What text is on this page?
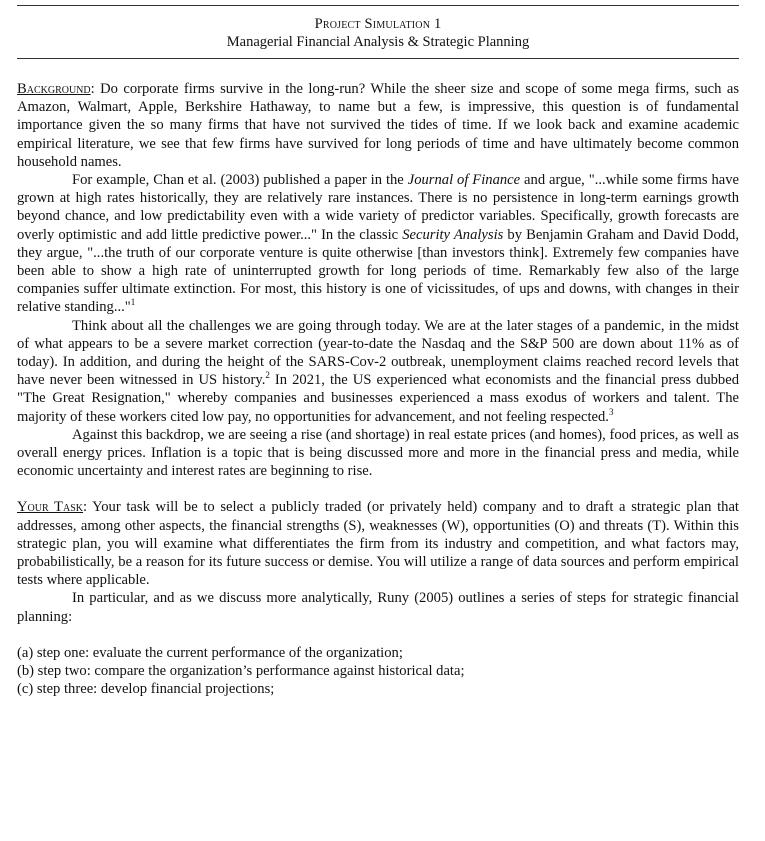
Project Simulation 1
Managerial Financial Analysis & Strategic Planning

Background: Do corporate firms survive in the long-run? While the sheer size and scope of some mega firms, such as Amazon, Walmart, Apple, Berkshire Hathaway, to name but a few, is impressive, this question is of fundamental importance given the so many firms that have not survived the tides of time. If we look back and examine academic empirical literature, we see that few firms have survived for long periods of time and have ultimately become common household names.

For example, Chan et al. (2003) published a paper in the Journal of Finance and argue, "...while some firms have grown at high rates historically, they are relatively rare instances. There is no persistence in long-term earnings growth beyond chance, and low predictability even with a wide variety of predictor variables. Specifically, growth forecasts are overly optimistic and add little predictive power..." In the classic Security Analysis by Benjamin Graham and David Dodd, they argue, "...the truth of our corporate venture is quite otherwise [than investors think]. Extremely few companies have been able to show a high rate of uninterrupted growth for long periods of time. Remarkably few also of the large companies suffer ultimate extinction. For most, this history is one of vicissitudes, of ups and downs, with changes in their relative standing..."$^1$

Think about all the challenges we are going through today. We are at the later stages of a pandemic, in the midst of what appears to be a severe market correction (year-to-date the Nasdaq and the S&P 500 are down about 11% as of today). In addition, and during the height of the SARS-Cov-2 outbreak, unemployment claims reached record levels that have never been witnessed in US history.$^2$ In 2021, the US experienced what economists and the financial press dubbed "The Great Resignation," whereby companies and businesses experienced a mass exodus of workers and talent. The majority of these workers cited low pay, no opportunities for advancement, and not feeling respected.$^3$

Against this backdrop, we are seeing a rise (and shortage) in real estate prices (and homes), food prices, as well as overall energy prices. Inflation is a topic that is being discussed more and more in the financial press and media, while economic uncertainty and interest rates are beginning to rise.

Your Task: Your task will be to select a publicly traded (or privately held) company and to draft a strategic plan that addresses, among other aspects, the financial strengths (S), weaknesses (W), opportunities (O) and threats (T). Within this strategic plan, you will examine what differentiates the firm from its industry and competition, and what factors may, probabilistically, be a reason for its future success or demise. You will utilize a range of data sources and perform empirical tests where applicable.

In particular, and as we discuss more analytically, Runy (2005) outlines a series of steps for strategic financial planning:

(a) step one: evaluate the current performance of the organization;

(b) step two: compare the organization’s performance against historical data;

(c) step three: develop financial projections;
